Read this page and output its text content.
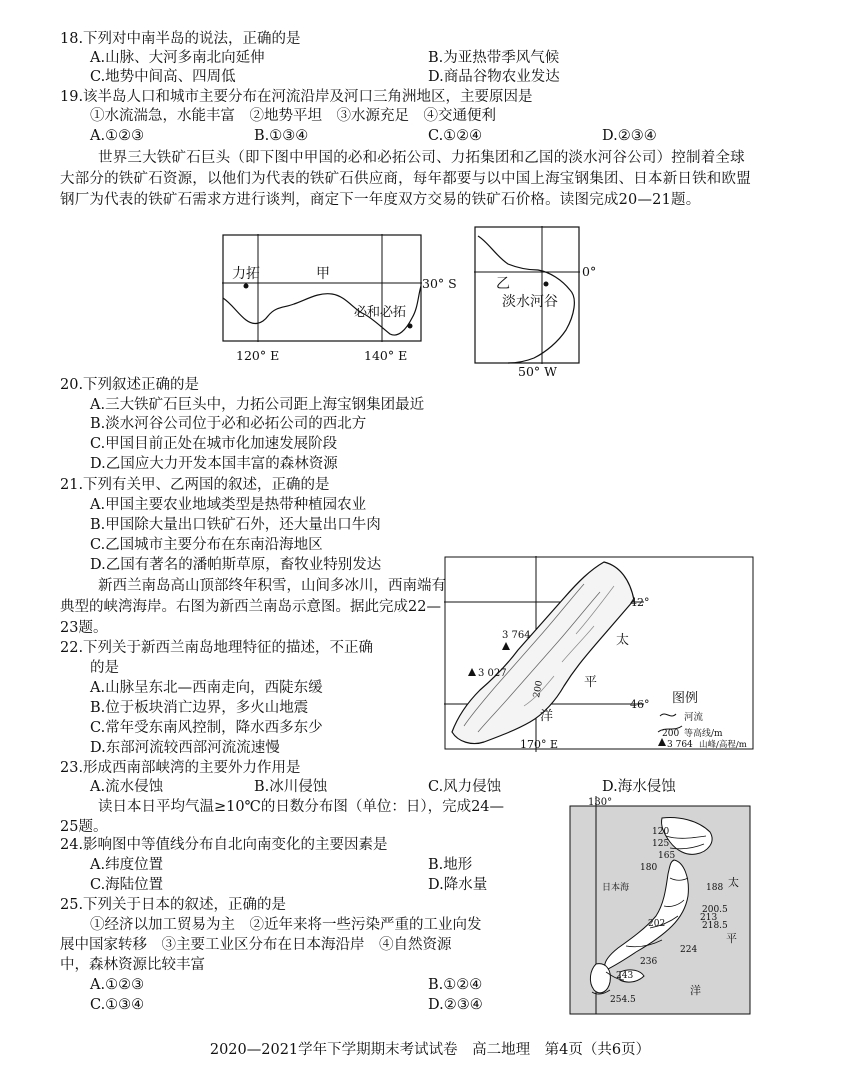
18.下列对中南半岛的说法，正确的是
A.山脉、大河多南北向延伸	B.为亚热带季风气候
C.地势中间高、四周低	D.商品谷物农业发达
19.该半岛人口和城市主要分布在河流沿岸及河口三角洲地区，主要原因是
①水流湍急，水能丰富　②地势平坦　③水源充足　④交通便利
A.①②③	B.①③④	C.①②④	D.②③④
世界三大铁矿石巨头（即下图中甲国的必和必拓公司、力拓集团和乙国的淡水河谷公司）控制着全球大部分的铁矿石资源，以他们为代表的铁矿石供应商，每年都要与以中国上海宝钢集团、日本新日铁和欧盟钢厂为代表的铁矿石需求方进行谈判，商定下一年度双方交易的铁矿石价格。读图完成20—21题。
力拓	甲
必和必拓
30° S
120° E	140° E
乙
淡水河谷
0°
50° W
20.下列叙述正确的是
A.三大铁矿石巨头中，力拓公司距上海宝钢集团最近
B.淡水河谷公司位于必和必拓公司的西北方
C.甲国目前正处在城市化加速发展阶段
D.乙国应大力开发本国丰富的森林资源
21.下列有关甲、乙两国的叙述，正确的是
A.甲国主要农业地域类型是热带种植园农业
B.甲国除大量出口铁矿石外，还大量出口牛肉
C.乙国城市主要分布在东南沿海地区
D.乙国有著名的潘帕斯草原，畜牧业特别发达
新西兰南岛高山顶部终年积雪，山间多冰川，西南端有典型的峡湾海岸。右图为新西兰南岛示意图。据此完成22—23题。	3 764
3 027
200
42°
46°
170° E
太
平
洋
图例
河流
200 等高线/m
3 764 山峰/高程/m
22.下列关于新西兰南岛地理特征的描述，不正确
的是
A.山脉呈东北—西南走向，西陡东缓
B.位于板块消亡边界，多火山地震
C.常年受东南风控制，降水西多东少
D.东部河流较西部河流流速慢
23.形成西南部峡湾的主要外力作用是
A.流水侵蚀	B.冰川侵蚀	C.风力侵蚀	D.海水侵蚀
读日本日平均气温≥10℃的日数分布图（单位：日），完成24—
25题。
130°
120
125
165
180
日本海	188 太
200.5
213
218.5
202
平
224
236
243
洋
254.5
24.影响图中等值线分布自北向南变化的主要因素是
A.纬度位置	B.地形
C.海陆位置	D.降水量
25.下列关于日本的叙述，正确的是
①经济以加工贸易为主　②近年来将一些污染严重的工业向发
展中国家转移　③主要工业区分布在日本海沿岸　④自然资源
中，森林资源比较丰富
A.①②③	B.①②④
C.①③④	D.②③④
2020—2021学年下学期期末考试试卷　高二地理　第4页（共6页）
